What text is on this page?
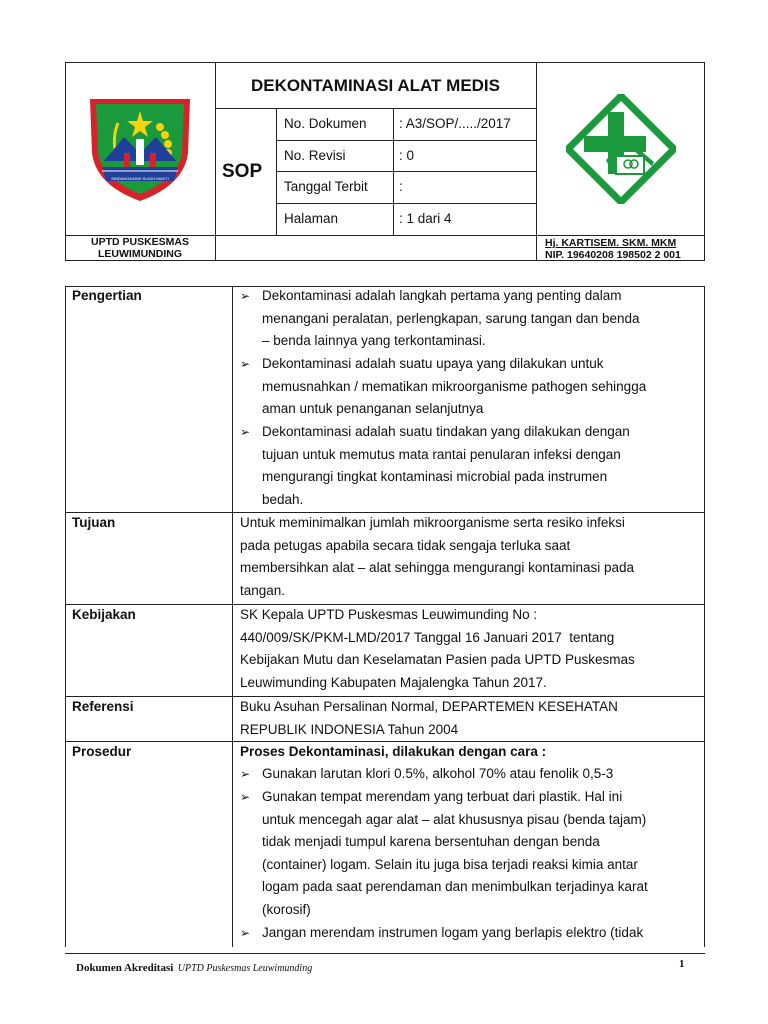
DEKONTAMINASI ALAT MEDIS
SOP
No. Dokumen : A3/SOP/...../2017
No. Revisi	: 0
Tanggal Terbit :
Halaman	: 1 dari 4
UPTD PUSKESMAS
LEUWIMUNDING
Hj. KARTISEM. SKM. MKM
NIP. 19640208 198502 2 001
SINDANGKASIH SUGIH MUKTI
Pengertian	➢ Dekontaminasi adalah langkah pertama yang penting dalam
menangani peralatan, perlengkapan, sarung tangan dan benda
– benda lainnya yang terkontaminasi.
➢ Dekontaminasi adalah suatu upaya yang dilakukan untuk
memusnahkan / mematikan mikroorganisme pathogen sehingga
aman untuk penanganan selanjutnya
➢ Dekontaminasi adalah suatu tindakan yang dilakukan dengan
tujuan untuk memutus mata rantai penularan infeksi dengan
mengurangi tingkat kontaminasi microbial pada instrumen
bedah.
Tujuan	Untuk meminimalkan jumlah mikroorganisme serta resiko infeksi
pada petugas apabila secara tidak sengaja terluka saat
membersihkan alat – alat sehingga mengurangi kontaminasi pada
tangan.
Kebijakan	SK Kepala UPTD Puskesmas Leuwimunding No :
440/009/SK/PKM-LMD/2017 Tanggal 16 Januari 2017  tentang
Kebijakan Mutu dan Keselamatan Pasien pada UPTD Puskesmas
Leuwimunding Kabupaten Majalengka Tahun 2017.
Referensi	Buku Asuhan Persalinan Normal, DEPARTEMEN KESEHATAN
REPUBLIK INDONESIA Tahun 2004
Prosedur	Proses Dekontaminasi, dilakukan dengan cara :
➢ Gunakan larutan klori 0.5%, alkohol 70% atau fenolik 0,5-3
➢ Gunakan tempat merendam yang terbuat dari plastik. Hal ini
untuk mencegah agar alat – alat khususnya pisau (benda tajam)
tidak menjadi tumpul karena bersentuhan dengan benda
(container) logam. Selain itu juga bisa terjadi reaksi kimia antar
logam pada saat perendaman dan menimbulkan terjadinya karat
(korosif)
➢ Jangan merendam instrumen logam yang berlapis elektro (tidak
Dokumen Akreditasi UPTD Puskesmas Leuwimunding	1
